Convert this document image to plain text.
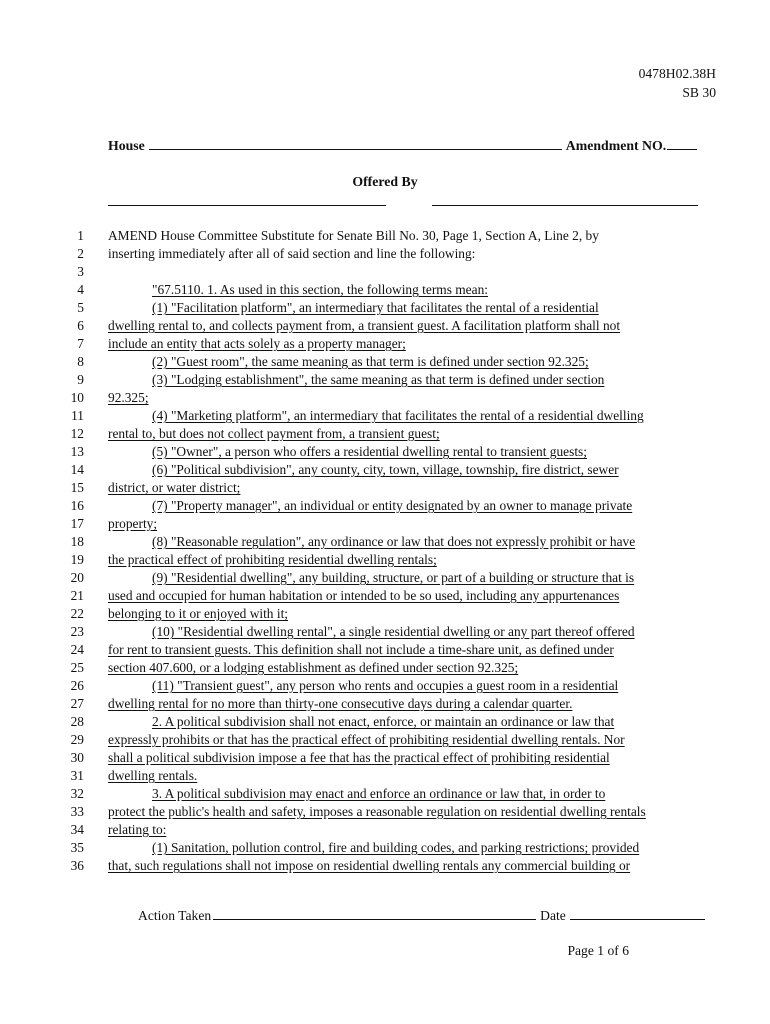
0478H02.38H
SB 30
House	Amendment NO.
Offered By
1 AMEND House Committee Substitute for Senate Bill No. 30, Page 1, Section A, Line 2, by
2 inserting immediately after all of said section and line the following:
3
4	"67.5110. 1. As used in this section, the following terms mean:
5	(1) "Facilitation platform", an intermediary that facilitates the rental of a residential
6 dwelling rental to, and collects payment from, a transient guest. A facilitation platform shall not
7 include an entity that acts solely as a property manager;
8	(2) "Guest room", the same meaning as that term is defined under section 92.325;
9	(3) "Lodging establishment", the same meaning as that term is defined under section
10 92.325;
11	(4) "Marketing platform", an intermediary that facilitates the rental of a residential dwelling
12 rental to, but does not collect payment from, a transient guest;
13	(5) "Owner", a person who offers a residential dwelling rental to transient guests;
14	(6) "Political subdivision", any county, city, town, village, township, fire district, sewer
15 district, or water district;
16	(7) "Property manager", an individual or entity designated by an owner to manage private
17 property;
18	(8) "Reasonable regulation", any ordinance or law that does not expressly prohibit or have
19 the practical effect of prohibiting residential dwelling rentals;
20	(9) "Residential dwelling", any building, structure, or part of a building or structure that is
21 used and occupied for human habitation or intended to be so used, including any appurtenances
22 belonging to it or enjoyed with it;
23	(10) "Residential dwelling rental", a single residential dwelling or any part thereof offered
24 for rent to transient guests. This definition shall not include a time-share unit, as defined under
25 section 407.600, or a lodging establishment as defined under section 92.325;
26	(11) "Transient guest", any person who rents and occupies a guest room in a residential
27 dwelling rental for no more than thirty-one consecutive days during a calendar quarter.
28	2. A political subdivision shall not enact, enforce, or maintain an ordinance or law that
29 expressly prohibits or that has the practical effect of prohibiting residential dwelling rentals. Nor
30 shall a political subdivision impose a fee that has the practical effect of prohibiting residential
31 dwelling rentals.
32	3. A political subdivision may enact and enforce an ordinance or law that, in order to
33 protect the public's health and safety, imposes a reasonable regulation on residential dwelling rentals
34 relating to:
35	(1) Sanitation, pollution control, fire and building codes, and parking restrictions; provided
36 that, such regulations shall not impose on residential dwelling rentals any commercial building or
Action Taken	Date
Page 1 of 6
